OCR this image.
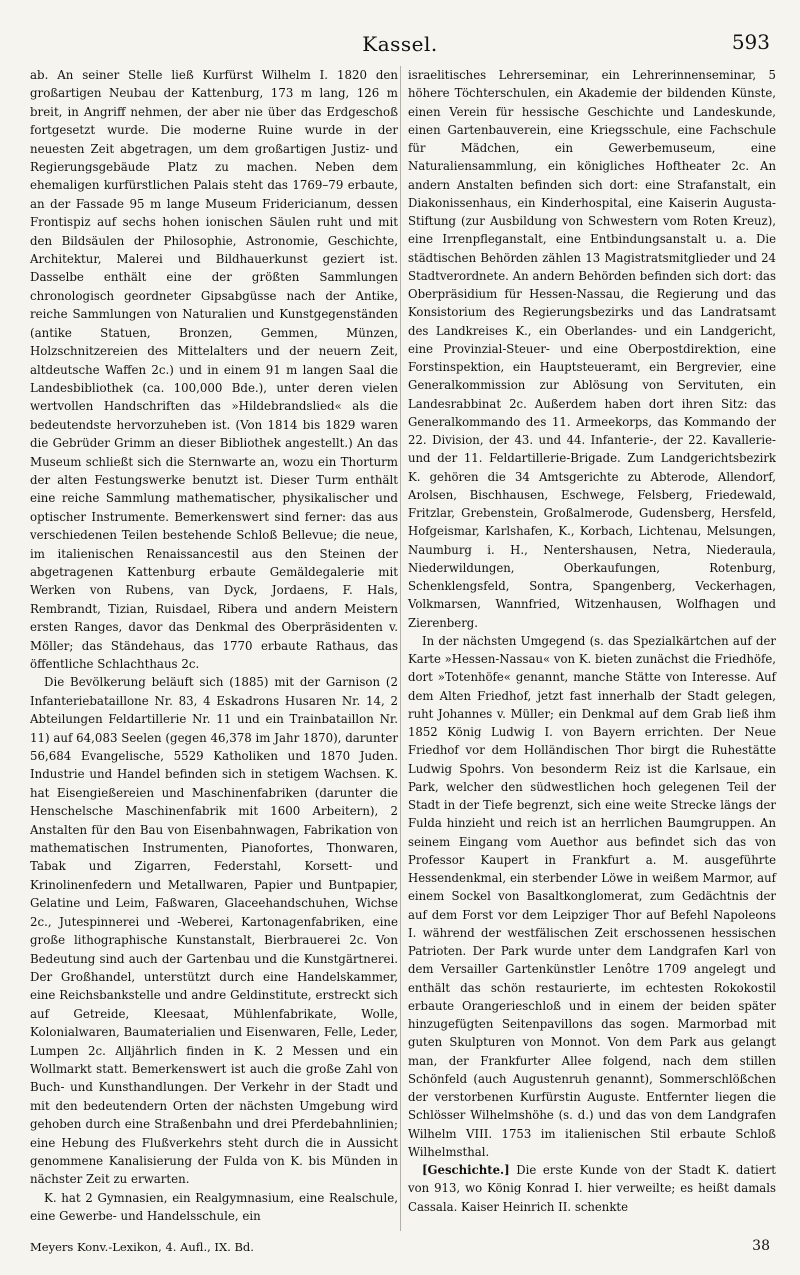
Kassel.	593

ab. An seiner Stelle ließ Kurfürst Wilhelm I. 1820 den großartigen Neubau der Kattenburg, 173 m lang, 126 m breit, in Angriff nehmen, der aber nie über das Erdgeschoß fortgesetzt wurde. Die moderne Ruine wurde in der neuesten Zeit abgetragen, um dem großartigen Justiz- und Regierungsgebäude Platz zu machen. Neben dem ehemaligen kurfürstlichen Palais steht das 1769–79 erbaute, an der Fassade 95 m lange Museum Fridericianum, dessen Frontispiz auf sechs hohen ionischen Säulen ruht und mit den Bildsäulen der Philosophie, Astronomie, Geschichte, Architektur, Malerei und Bildhauerkunst geziert ist. Dasselbe enthält eine der größten Sammlungen chronologisch geordneter Gipsabgüsse nach der Antike, reiche Sammlungen von Naturalien und Kunstgegenständen (antike Statuen, Bronzen, Gemmen, Münzen, Holzschnitzereien des Mittelalters und der neuern Zeit, altdeutsche Waffen 2c.) und in einem 91 m langen Saal die Landesbibliothek (ca. 100,000 Bde.), unter deren vielen wertvollen Handschriften das »Hildebrandslied« als die bedeutendste hervorzuheben ist. (Von 1814 bis 1829 waren die Gebrüder Grimm an dieser Bibliothek angestellt.) An das Museum schließt sich die Sternwarte an, wozu ein Thorturm der alten Festungswerke benutzt ist. Dieser Turm enthält eine reiche Sammlung mathematischer, physikalischer und optischer Instrumente. Bemerkenswert sind ferner: das aus verschiedenen Teilen bestehende Schloß Bellevue; die neue, im italienischen Renaissancestil aus den Steinen der abgetragenen Kattenburg erbaute Gemäldegalerie mit Werken von Rubens, van Dyck, Jordaens, F. Hals, Rembrandt, Tizian, Ruisdael, Ribera und andern Meistern ersten Ranges, davor das Denkmal des Oberpräsidenten v. Möller; das Ständehaus, das 1770 erbaute Rathaus, das öffentliche Schlachthaus 2c.

Die Bevölkerung beläuft sich (1885) mit der Garnison (2 Infanteriebataillone Nr. 83, 4 Eskadrons Husaren Nr. 14, 2 Abteilungen Feldartillerie Nr. 11 und ein Trainbataillon Nr. 11) auf 64,083 Seelen (gegen 46,378 im Jahr 1870), darunter 56,684 Evangelische, 5529 Katholiken und 1870 Juden. Industrie und Handel befinden sich in stetigem Wachsen. K. hat Eisengießereien und Maschinenfabriken (darunter die Henschelsche Maschinenfabrik mit 1600 Arbeitern), 2 Anstalten für den Bau von Eisenbahnwagen, Fabrikation von mathematischen Instrumenten, Pianofortes, Thonwaren, Tabak und Zigarren, Federstahl, Korsett- und Krinolinenfedern und Metallwaren, Papier und Buntpapier, Gelatine und Leim, Faßwaren, Glaceehandschuhen, Wichse 2c., Jutespinnerei und -Weberei, Kartonagenfabriken, eine große lithographische Kunstanstalt, Bierbrauerei 2c. Von Bedeutung sind auch der Gartenbau und die Kunstgärtnerei. Der Großhandel, unterstützt durch eine Handelskammer, eine Reichsbankstelle und andre Geldinstitute, erstreckt sich auf Getreide, Kleesaat, Mühlenfabrikate, Wolle, Kolonialwaren, Baumaterialien und Eisenwaren, Felle, Leder, Lumpen 2c. Alljährlich finden in K. 2 Messen und ein Wollmarkt statt. Bemerkenswert ist auch die große Zahl von Buch- und Kunsthandlungen. Der Verkehr in der Stadt und mit den bedeutendern Orten der nächsten Umgebung wird gehoben durch eine Straßenbahn und drei Pferdebahnlinien; eine Hebung des Flußverkehrs steht durch die in Aussicht genommene Kanalisierung der Fulda von K. bis Münden in nächster Zeit zu erwarten.

K. hat 2 Gymnasien, ein Realgymnasium, eine Realschule, eine Gewerbe- und Handelsschule, ein

israelitisches Lehrerseminar, ein Lehrerinnenseminar, 5 höhere Töchterschulen, ein Akademie der bildenden Künste, einen Verein für hessische Geschichte und Landeskunde, einen Gartenbauverein, eine Kriegsschule, eine Fachschule für Mädchen, ein Gewerbemuseum, eine Naturaliensammlung, ein königliches Hoftheater 2c. An andern Anstalten befinden sich dort: eine Strafanstalt, ein Diakonissenhaus, ein Kinderhospital, eine Kaiserin Augusta-Stiftung (zur Ausbildung von Schwestern vom Roten Kreuz), eine Irrenpfleganstalt, eine Entbindungsanstalt u. a. Die städtischen Behörden zählen 13 Magistratsmitglieder und 24 Stadtverordnete. An andern Behörden befinden sich dort: das Oberpräsidium für Hessen-Nassau, die Regierung und das Konsistorium des Regierungsbezirks und das Landratsamt des Landkreises K., ein Oberlandes- und ein Landgericht, eine Provinzial-Steuer- und eine Oberpostdirektion, eine Forstinspektion, ein Hauptsteueramt, ein Bergrevier, eine Generalkommission zur Ablösung von Servituten, ein Landesrabbinat 2c. Außerdem haben dort ihren Sitz: das Generalkommando des 11. Armeekorps, das Kommando der 22. Division, der 43. und 44. Infanterie-, der 22. Kavallerie- und der 11. Feldartillerie-Brigade. Zum Landgerichtsbezirk K. gehören die 34 Amtsgerichte zu Abterode, Allendorf, Arolsen, Bischhausen, Eschwege, Felsberg, Friedewald, Fritzlar, Grebenstein, Großalmerode, Gudensberg, Hersfeld, Hofgeismar, Karlshafen, K., Korbach, Lichtenau, Melsungen, Naumburg i. H., Nentershausen, Netra, Niederaula, Niederwildungen, Oberkaufungen, Rotenburg, Schenklengsfeld, Sontra, Spangenberg, Veckerhagen, Volkmarsen, Wannfried, Witzenhausen, Wolfhagen und Zierenberg.

In der nächsten Umgegend (s. das Spezialkärtchen auf der Karte »Hessen-Nassau« von K. bieten zunächst die Friedhöfe, dort »Totenhöfe« genannt, manche Stätte von Interesse. Auf dem Alten Friedhof, jetzt fast innerhalb der Stadt gelegen, ruht Johannes v. Müller; ein Denkmal auf dem Grab ließ ihm 1852 König Ludwig I. von Bayern errichten. Der Neue Friedhof vor dem Holländischen Thor birgt die Ruhestätte Ludwig Spohrs. Von besonderm Reiz ist die Karlsaue, ein Park, welcher den südwestlichen hoch gelegenen Teil der Stadt in der Tiefe begrenzt, sich eine weite Strecke längs der Fulda hinzieht und reich ist an herrlichen Baumgruppen. An seinem Eingang vom Auethor aus befindet sich das von Professor Kaupert in Frankfurt a. M. ausgeführte Hessendenkmal, ein sterbender Löwe in weißem Marmor, auf einem Sockel von Basaltkonglomerat, zum Gedächtnis der auf dem Forst vor dem Leipziger Thor auf Befehl Napoleons I. während der westfälischen Zeit erschossenen hessischen Patrioten. Der Park wurde unter dem Landgrafen Karl von dem Versailler Gartenkünstler Lenôtre 1709 angelegt und enthält das schön restaurierte, im echtesten Rokokostil erbaute Orangerieschloß und in einem der beiden später hinzugefügten Seitenpavillons das sogen. Marmorbad mit guten Skulpturen von Monnot. Von dem Park aus gelangt man, der Frankfurter Allee folgend, nach dem stillen Schönfeld (auch Augustenruh genannt), Sommerschlößchen der verstorbenen Kurfürstin Auguste. Entfernter liegen die Schlösser Wilhelmshöhe (s. d.) und das von dem Landgrafen Wilhelm VIII. 1753 im italienischen Stil erbaute Schloß Wilhelmsthal.

[Geschichte.] Die erste Kunde von der Stadt K. datiert von 913, wo König Konrad I. hier verweilte; es heißt damals Cassala. Kaiser Heinrich II. schenkte

Meyers Konv.-Lexikon, 4. Aufl., IX. Bd.	38
